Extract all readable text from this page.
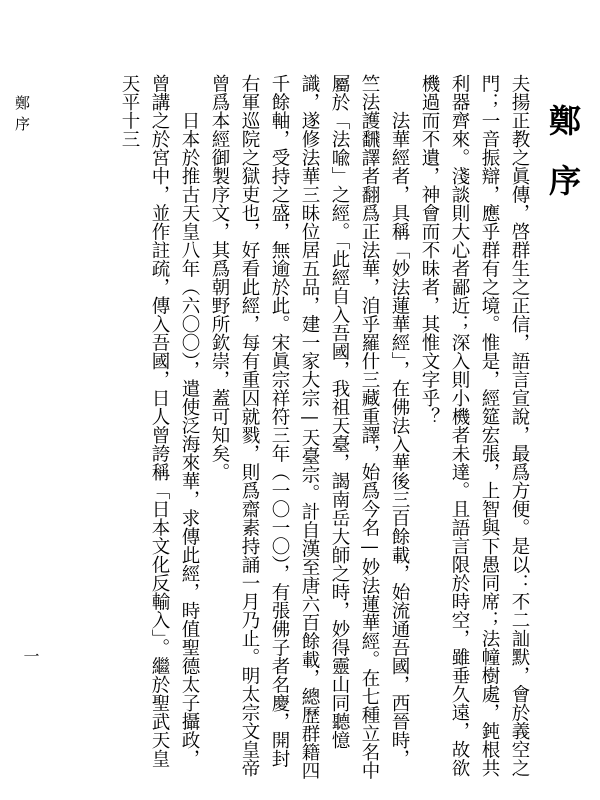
鄭序
一
鄭序

夫揚正教之眞傳，啓群生之正信，語言宣說，最爲方便。是以：不二訕默，會於義空之門；一音振辯，應乎群有之境。惟是，經筵宏張，上智與下愚同席；法幢樹處，鈍根共利器齊來。淺談則大心者鄙近；深入則小機者未達。且語言限於時空，雖垂久遠，故欲機過而不遺，神會而不昧者，其惟文字乎？

法華經者，具稱「妙法蓮華經」，在佛法入華後三百餘載，始流通吾國，西晉時，竺法護飜譯者翻爲正法華，洎乎羅什三藏重譯，始爲今名—妙法蓮華經。在七種立名中屬於「法喩」之經。「此經自入吾國，我祖天臺，謁南岳大師之時，妙得靈山同聽憶識，遂修法華三昧位居五品，建一家大宗—天臺宗。計自漢至唐六百餘載，總歷群籍四千餘軸，受持之盛，無逾於此。宋眞宗祥符三年（一〇一〇），有張佛子者名慶，開封右軍巡院之獄吏也，好看此經，每有重囚就戮，則爲齋素持誦一月乃止。明太宗文皇帝曾爲本經御製序文，其爲朝野所欽崇，蓋可知矣。

日本於推古天皇八年（六〇〇），遣使泛海來華，求傳此經，時值聖德太子攝政，曾講之於宮中，並作註疏，傳入吾國，日人曾誇稱「日本文化反輸入」。繼於聖武天皇天平十三
